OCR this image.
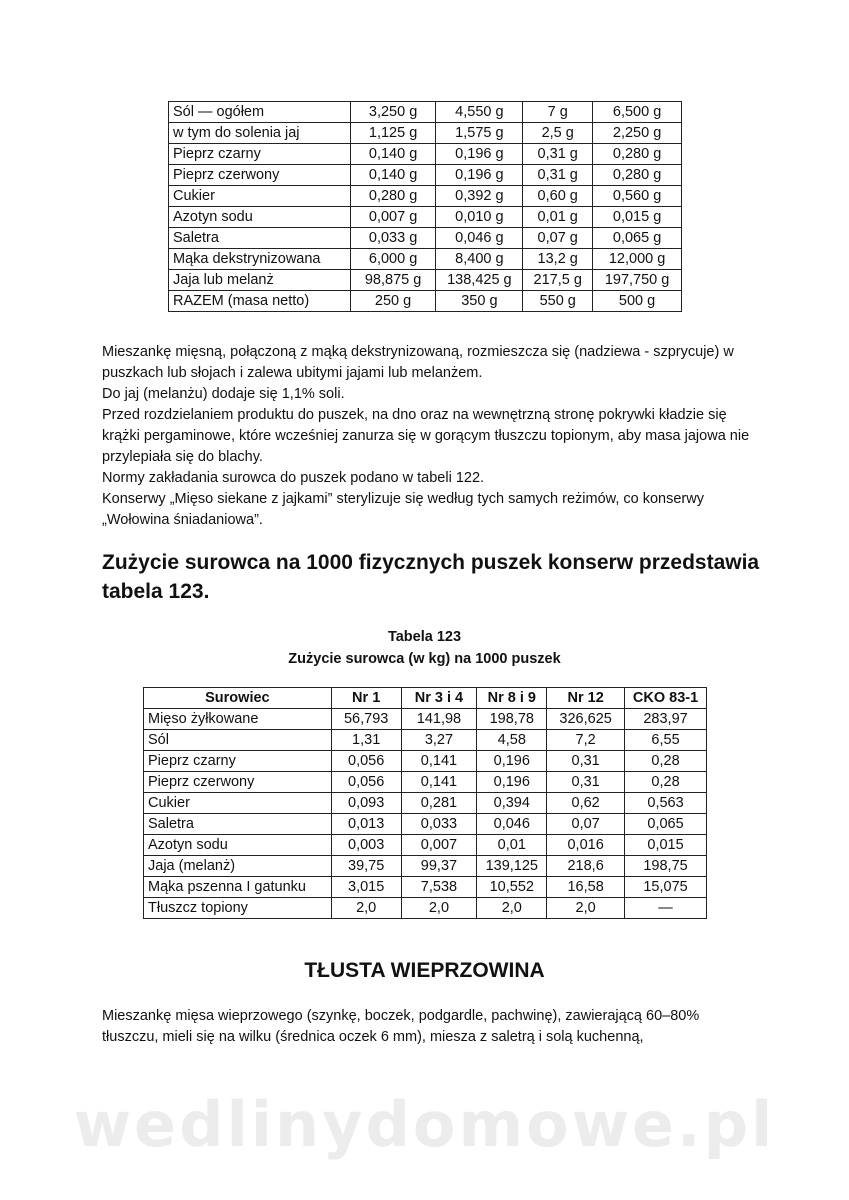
Sól — ogółem	3,250 g	4,550 g	7 g	6,500 g
w tym do solenia jaj	1,125 g	1,575 g	2,5 g	2,250 g
Pieprz czarny	0,140 g	0,196 g	0,31 g	0,280 g
Pieprz czerwony	0,140 g	0,196 g	0,31 g	0,280 g
Cukier	0,280 g	0,392 g	0,60 g	0,560 g
Azotyn sodu	0,007 g	0,010 g	0,01 g	0,015 g
Saletra	0,033 g	0,046 g	0,07 g	0,065 g
Mąka dekstrynizowana	6,000 g	8,400 g	13,2 g	12,000 g
Jaja lub melanż	98,875 g	138,425 g	217,5 g	197,750 g
RAZEM (masa netto)	250 g	350 g	550 g	500 g

Mieszankę mięsną, połączoną z mąką dekstrynizowaną, rozmieszcza się (nadziewa - szprycuje) w puszkach lub słojach i zalewa ubitymi jajami lub melanżem.

Do jaj (melanżu) dodaje się 1,1% soli.

Przed rozdzielaniem produktu do puszek, na dno oraz na wewnętrzną stronę pokrywki kładzie się krążki pergaminowe, które wcześniej zanurza się w gorącym tłuszczu topionym, aby masa jajowa nie przylepiała się do blachy.

Normy zakładania surowca do puszek podano w tabeli 122.

Konserwy „Mięso siekane z jajkami” sterylizuje się według tych samych reżimów, co konserwy „Wołowina śniadaniowa”.

Zużycie surowca na 1000 fizycznych puszek konserw przedstawia tabela 123.
Tabela 123
Zużycie surowca (w kg) na 1000 puszek
Surowiec	Nr 1	Nr 3 i 4	Nr 8 i 9	Nr 12	CKO 83-1
Mięso żyłkowane	56,793	141,98	198,78	326,625	283,97
Sól	1,31	3,27	4,58	7,2	6,55
Pieprz czarny	0,056	0,141	0,196	0,31	0,28
Pieprz czerwony	0,056	0,141	0,196	0,31	0,28
Cukier	0,093	0,281	0,394	0,62	0,563
Saletra	0,013	0,033	0,046	0,07	0,065
Azotyn sodu	0,003	0,007	0,01	0,016	0,015
Jaja (melanż)	39,75	99,37	139,125	218,6	198,75
Mąka pszenna I gatunku	3,015	7,538	10,552	16,58	15,075
Tłuszcz topiony	2,0	2,0	2,0	2,0	—
TŁUSTA WIEPRZOWINA

Mieszankę mięsa wieprzowego (szynkę, boczek, podgardle, pachwinę), zawierającą 60–80% tłuszczu, mieli się na wilku (średnica oczek 6 mm), miesza z saletrą i solą kuchenną,

wedlinydomowe.pl
